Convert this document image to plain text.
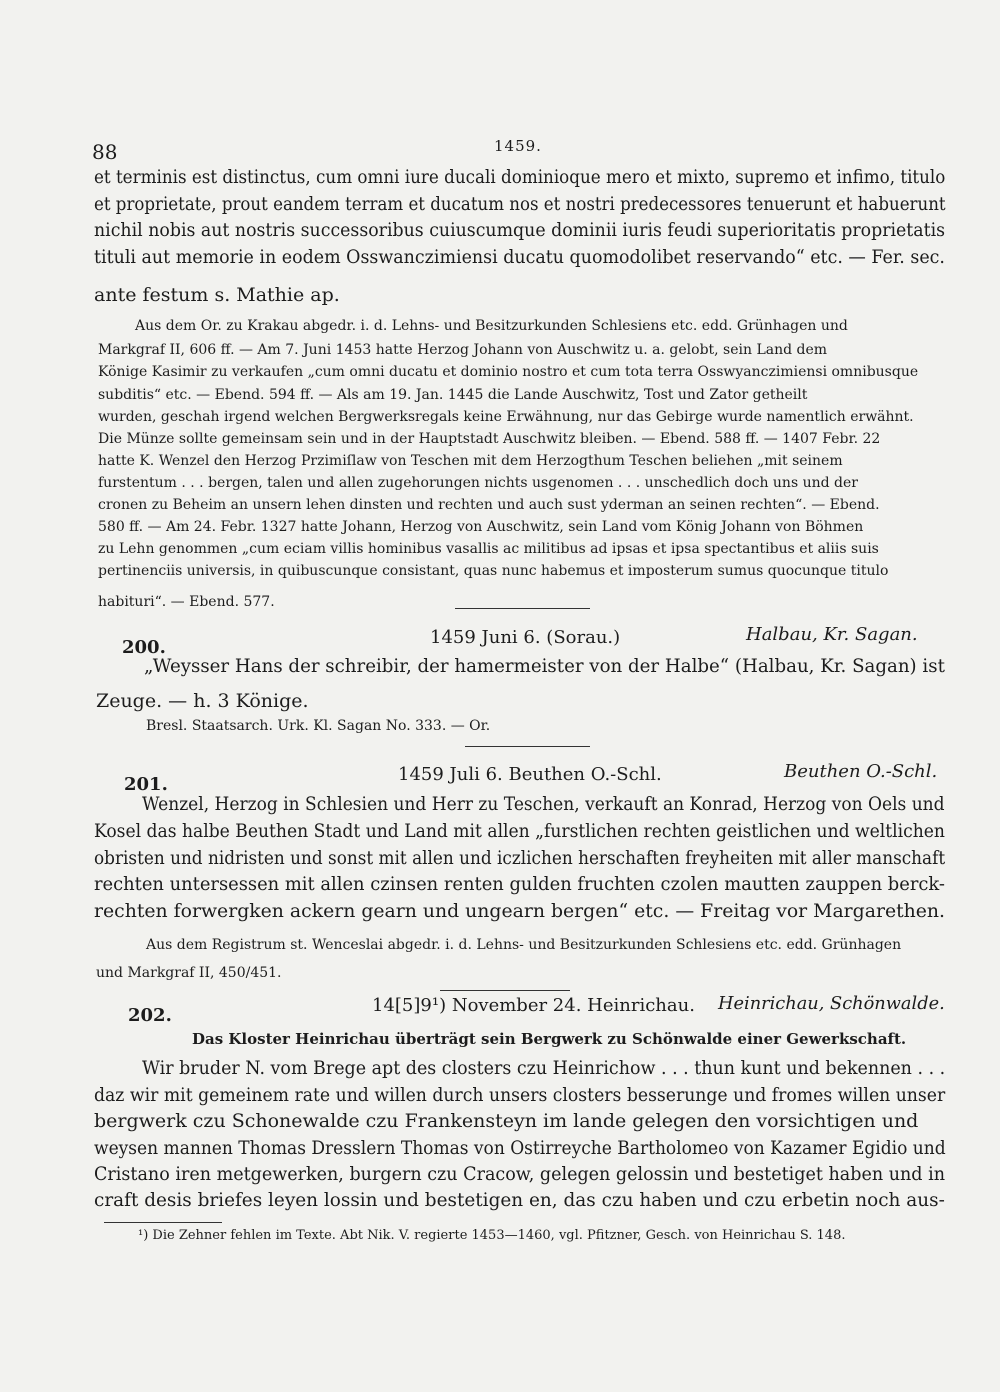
88	1459.
et terminis est distinctus, cum omni iure ducali dominioque mero et mixto, supremo et infimo, titulo
et proprietate, prout eandem terram et ducatum nos et nostri predecessores tenuerunt et habuerunt
nichil nobis aut nostris successoribus cuiuscumque dominii iuris feudi superioritatis proprietatis
tituli aut memorie in eodem Osswanczimiensi ducatu quomodolibet reservando“ etc. — Fer. sec.
ante festum s. Mathie ap.
Aus dem Or. zu Krakau abgedr. i. d. Lehns- und Besitzurkunden Schlesiens etc. edd. Grünhagen und
Markgraf II, 606 ff. — Am 7. Juni 1453 hatte Herzog Johann von Auschwitz u. a. gelobt, sein Land dem
Könige Kasimir zu verkaufen „cum omni ducatu et dominio nostro et cum tota terra Osswyanczimiensi omnibusque
subditis“ etc. — Ebend. 594 ff. — Als am 19. Jan. 1445 die Lande Auschwitz, Tost und Zator getheilt
wurden, geschah irgend welchen Bergwerksregals keine Erwähnung, nur das Gebirge wurde namentlich erwähnt.
Die Münze sollte gemeinsam sein und in der Hauptstadt Auschwitz bleiben. — Ebend. 588 ff. — 1407 Febr. 22
hatte K. Wenzel den Herzog Przimiſlaw von Teschen mit dem Herzogthum Teschen beliehen „mit seinem
furstentum . . . bergen, talen und allen zugehorungen nichts usgenomen . . . unschedlich doch uns und der
cronen zu Beheim an unsern lehen dinsten und rechten und auch sust yderman an seinen rechten“. — Ebend.
580 ff. — Am 24. Febr. 1327 hatte Johann, Herzog von Auschwitz, sein Land vom König Johann von Böhmen
zu Lehn genommen „cum eciam villis hominibus vasallis ac militibus ad ipsas et ipsa spectantibus et aliis suis
pertinenciis universis, in quibuscunque consistant, quas nunc habemus et imposterum sumus quocunque titulo
habituri“. — Ebend. 577.
200.	1459 Juni 6. (Sorau.)	Halbau, Kr. Sagan.
„Weysser Hans der schreibir, der hamermeister von der Halbe“ (Halbau, Kr. Sagan) ist
Zeuge. — h. 3 Könige.
Bresl. Staatsarch. Urk. Kl. Sagan No. 333. — Or.
201.	1459 Juli 6. Beuthen O.-Schl.	Beuthen O.-Schl.
Wenzel, Herzog in Schlesien und Herr zu Teschen, verkauft an Konrad, Herzog von Oels und
Kosel das halbe Beuthen Stadt und Land mit allen „furstlichen rechten geistlichen und weltlichen
obristen und nidristen und sonst mit allen und iczlichen herschaften freyheiten mit aller manschaft
rechten untersessen mit allen czinsen renten gulden fruchten czolen mautten zauppen berck-
rechten forwergken ackern gearn und ungearn bergen“ etc. — Freitag vor Margarethen.
Aus dem Registrum st. Wenceslai abgedr. i. d. Lehns- und Besitzurkunden Schlesiens etc. edd. Grünhagen
und Markgraf II, 450/451.
202.	14[5]9¹) November 24. Heinrichau. Heinrichau, Schönwalde.
Das Kloster Heinrichau überträgt sein Bergwerk zu Schönwalde einer Gewerkschaft.
Wir bruder N. vom Brege apt des closters czu Heinrichow . . . thun kunt und bekennen . . .
daz wir mit gemeinem rate und willen durch unsers closters besserunge und fromes willen unser
bergwerk czu Schonewalde czu Frankensteyn im lande gelegen den vorsichtigen und
weysen mannen Thomas Dresslern Thomas von Ostirreyche Bartholomeo von Kazamer Egidio und
Cristano iren metgewerken, burgern czu Cracow, gelegen gelossin und bestetiget haben und in
craft desis briefes leyen lossin und bestetigen en, das czu haben und czu erbetin noch aus-
¹) Die Zehner fehlen im Texte. Abt Nik. V. regierte 1453—1460, vgl. Pfitzner, Gesch. von Heinrichau S. 148.
